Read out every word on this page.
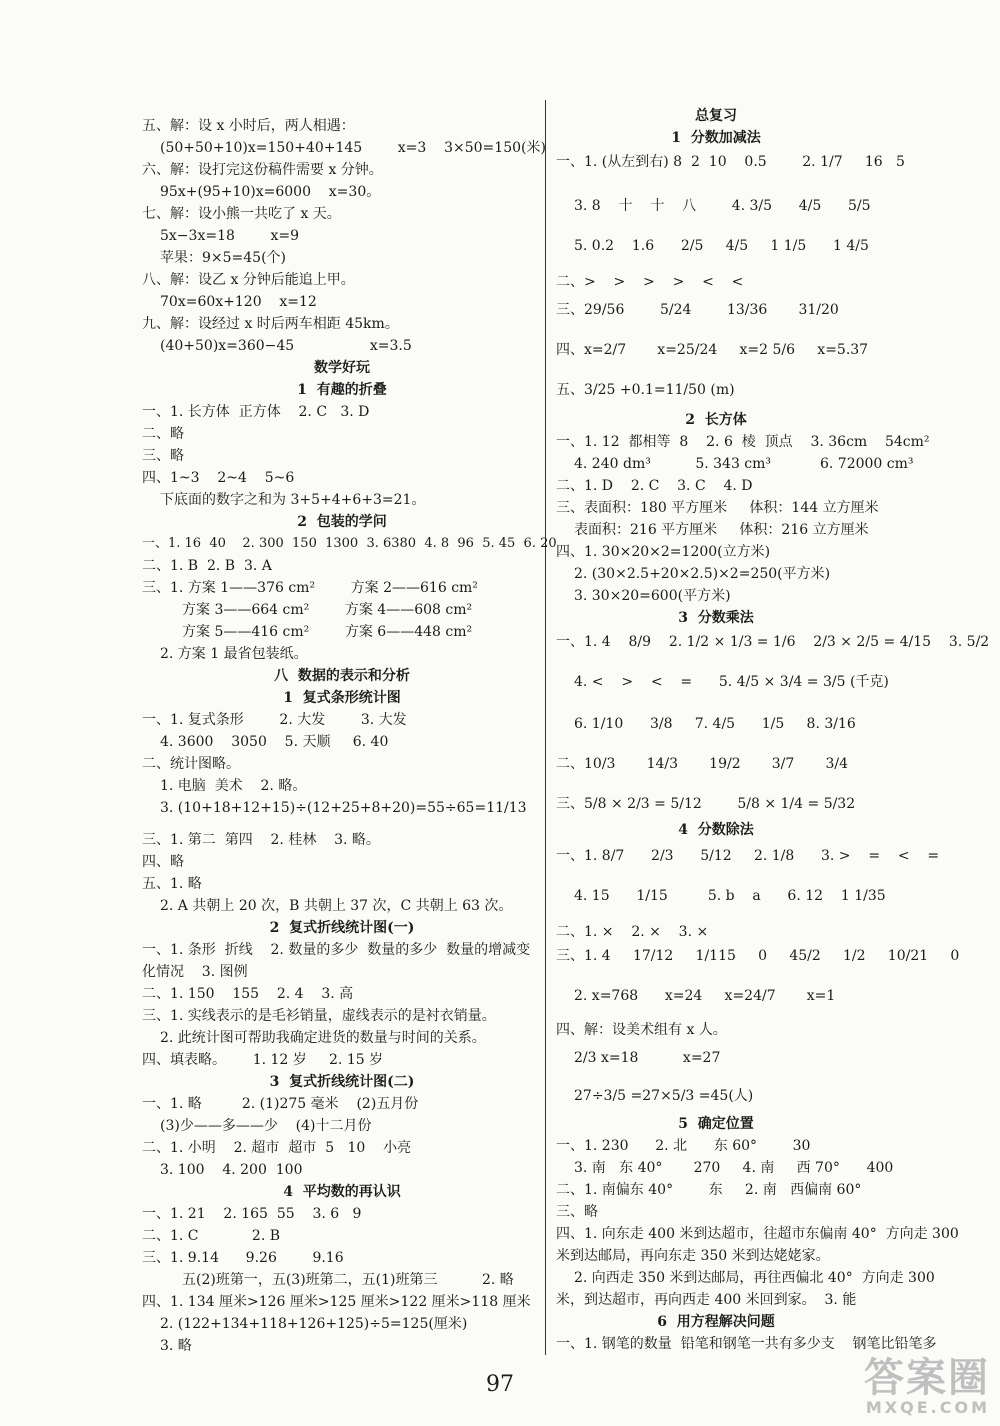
五、解：设 x 小时后，两人相遇：
(50+50+10)x=150+40+145        x=3    3×50=150(米)
六、解：设打完这份稿件需要 x 分钟。
95x+(95+10)x=6000    x=30。
七、解：设小熊一共吃了 x 天。
5x−3x=18        x=9
苹果：9×5=45(个)
八、解：设乙 x 分钟后能追上甲。
70x=60x+120    x=12
九、解：设经过 x 时后两车相距 45km。
(40+50)x=360−45                 x=3.5
数学好玩
1  有趣的折叠
一、1. 长方体  正方体    2. C   3. D
二、略
三、略
四、1~3    2~4    5~6
下底面的数字之和为 3+5+4+6+3=21。
2  包装的学问
一、1. 16  40    2. 300  150  1300  3. 6380  4. 8  96  5. 45  6. 20
二、1. B  2. B  3. A
三、1. 方案 1——376 cm²        方案 2——616 cm²
方案 3——664 cm²        方案 4——608 cm²
方案 5——416 cm²        方案 6——448 cm²
2. 方案 1 最省包装纸。
八  数据的表示和分析
1  复式条形统计图
一、1. 复式条形        2. 大发        3. 大发
4. 3600    3050    5. 天顺     6. 40
二、统计图略。
1. 电脑  美术    2. 略。
3. (10+18+12+15)÷(12+25+8+20)=55÷65=11/13
三、1. 第二  第四    2. 桂林    3. 略。
四、略
五、1. 略
2. A 共朝上 20 次，B 共朝上 37 次，C 共朝上 63 次。
2  复式折线统计图(一)
一、1. 条形  折线    2. 数量的多少  数量的多少  数量的增减变
化情况    3. 图例
二、1. 150    155    2. 4    3. 高
三、1. 实线表示的是毛衫销量，虚线表示的是衬衣销量。
2. 此统计图可帮助我确定进货的数量与时间的关系。
四、填表略。      1. 12 岁     2. 15 岁
3  复式折线统计图(二)
一、1. 略         2. (1)275 毫米    (2)五月份
(3)少——多——少    (4)十二月份
二、1. 小明    2. 超市  超市  5   10    小亮
3. 100    4. 200  100
4  平均数的再认识
一、1. 21    2. 165  55    3. 6   9
二、1. C            2. B
三、1. 9.14      9.26        9.16
五(2)班第一，五(3)班第二，五(1)班第三          2. 略
四、1. 134 厘米>126 厘米>125 厘米>122 厘米>118 厘米
2. (122+134+118+126+125)÷5=125(厘米)
3. 略
总复习
1  分数加减法
一、1. (从左到右) 8  2  10    0.5        2. 1/7     16   5
3. 8    十    十    八        4. 3/5      4/5      5/5
5. 0.2    1.6      2/5     4/5     1 1/5      1 4/5
二、>    >    >    >    <    <
三、29/56        5/24        13/36       31/20
四、x=2/7       x=25/24     x=2 5/6     x=5.37
五、3/25 +0.1=11/50 (m)
2  长方体
一、1. 12  都相等  8    2. 6  棱  顶点    3. 36cm    54cm²
4. 240 dm³          5. 343 cm³           6. 72000 cm³
二、1. D    2. C    3. C    4. D
三、表面积：180 平方厘米     体积：144 立方厘米
表面积：216 平方厘米     体积：216 立方厘米
四、1. 30×20×2=1200(立方米)
2. (30×2.5+20×2.5)×2=250(平方米)
3. 30×20=600(平方米)
3  分数乘法
一、1. 4    8/9    2. 1/2 × 1/3 = 1/6    2/3 × 2/5 = 4/15    3. 5/2
4. <    >    <    =      5. 4/5 × 3/4 = 3/5 (千克)
6. 1/10      3/8     7. 4/5      1/5     8. 3/16
二、10/3       14/3       19/2       3/7       3/4
三、5/8 × 2/3 = 5/12        5/8 × 1/4 = 5/32
4  分数除法
一、1. 8/7      2/3      5/12     2. 1/8      3. >    =    <    =
4. 15      1/15         5. b    a      6. 12    1 1/35
二、1. ×    2. ×    3. ×
三、1. 4     17/12     1/115     0     45/2     1/2     10/21     0
2. x=768      x=24     x=24/7       x=1
四、解：设美术组有 x 人。
2/3 x=18          x=27
27÷3/5 =27×5/3 =45(人)
5  确定位置
一、1. 230      2. 北      东 60°        30
3. 南   东 40°       270     4. 南     西 70°      400
二、1. 南偏东 40°        东     2. 南   西偏南 60°
三、略
四、1. 向东走 400 米到达超市，往超市东偏南 40°  方向走 300
米到达邮局，再向东走 350 米到达姥姥家。
2. 向西走 350 米到达邮局，再往西偏北 40°  方向走 300
米，到达超市，再向西走 400 米回到家。  3. 能
6  用方程解决问题
一、1. 钢笔的数量  铅笔和钢笔一共有多少支    钢笔比铅笔多
97	答案圈
MXQE.COM
